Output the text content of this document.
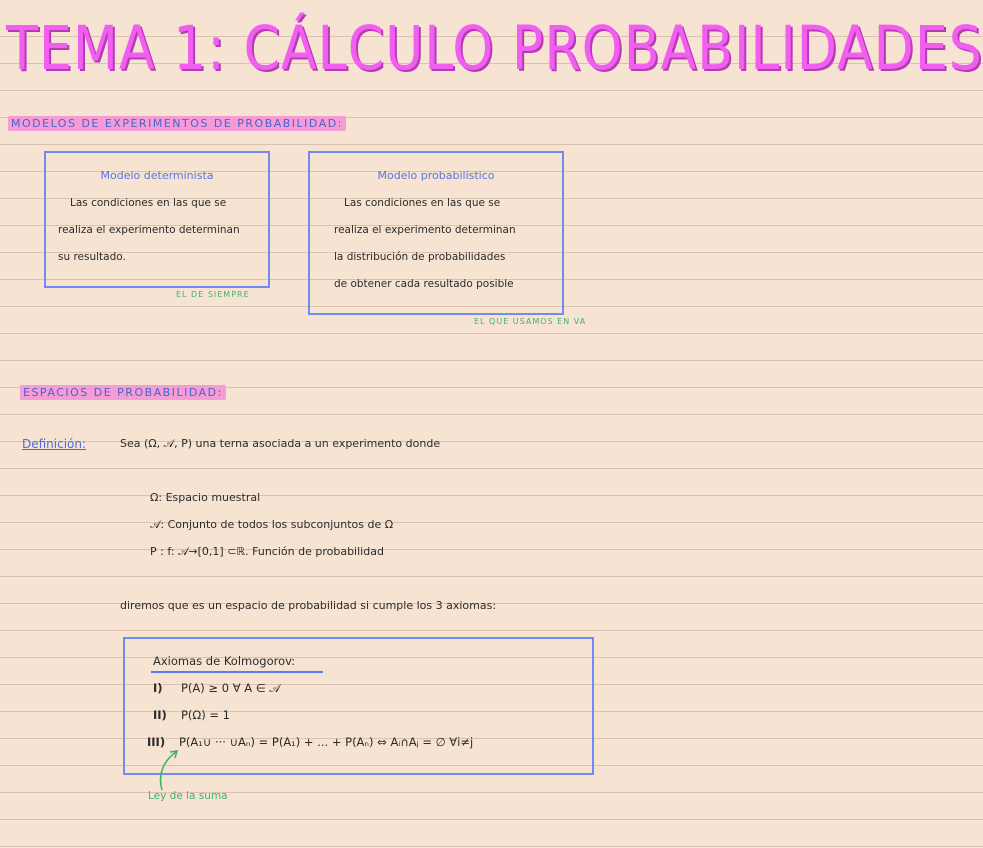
TEMA 1: CÁLCULO PROBABILIDADES
MODELOS DE EXPERIMENTOS DE PROBABILIDAD:
Modelo determinista
Las condiciones en las que se
realiza el experimento determinan
su resultado.
EL DE SIEMPRE
Modelo probabilístico
Las condiciones en las que se
realiza el experimento determinan
la distribución de probabilidades
de obtener cada resultado posible
EL QUE USAMOS EN VA
ESPACIOS DE PROBABILIDAD:
Definición:	Sea (Ω, 𝒜, P) una terna asociada a un experimento donde
Ω: Espacio muestral
𝒜: Conjunto de todos los subconjuntos de Ω
P : f: 𝒜→[0,1] ⊂ℝ. Función de probabilidad
diremos que es un espacio de probabilidad si cumple los 3 axiomas:
Axiomas de Kolmogorov:
I) P(A) ≥ 0 ∀ A ∈ 𝒜
II) P(Ω) = 1
III) P(A₁∪ ··· ∪Aₙ) = P(A₁) + ... + P(Aₙ) ⇔ Aᵢ∩Aⱼ = ∅ ∀i≠j
Ley de la suma
